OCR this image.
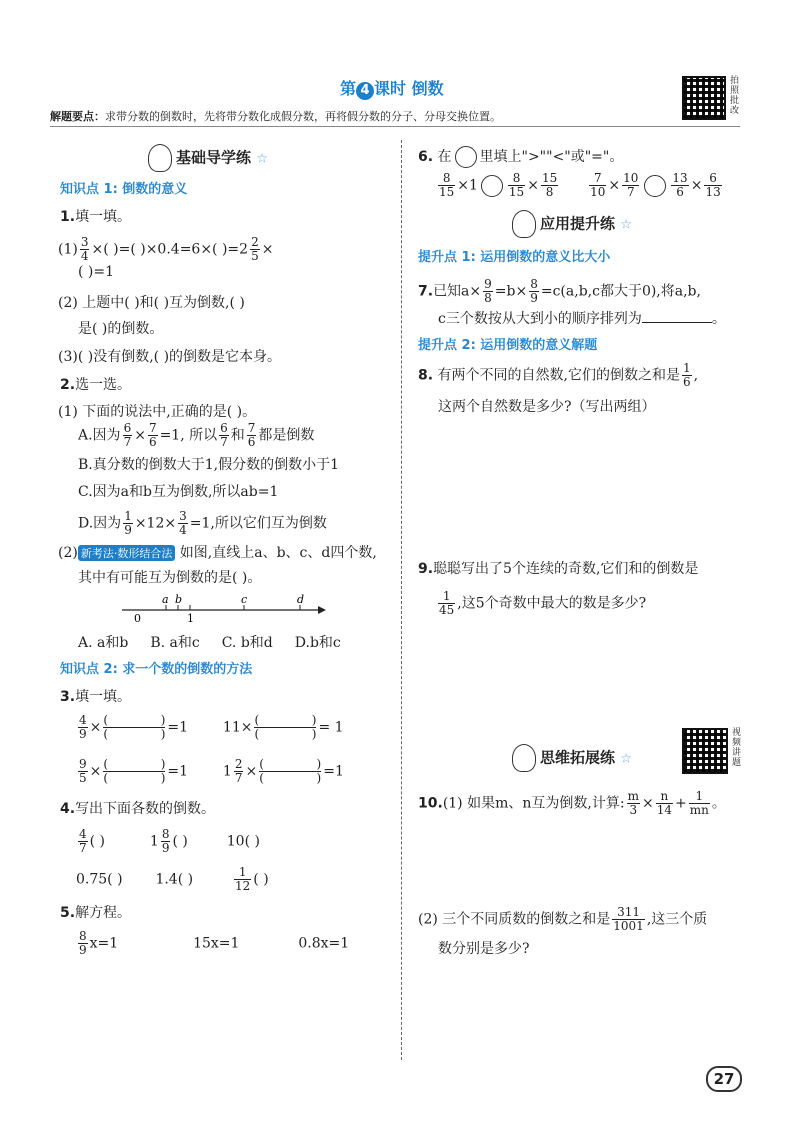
第 4 课时 倒数	拍照批改
解题要点：求带分数的倒数时，先将带分数化成假分数，再将假分数的分子、分母交换位置。
基础导学练 ☆
知识点 1: 倒数的意义
1.填一填。
$(1) \frac{3}{4}$ ×( )=( )×0.4=6×( )$=2 \frac{2}{5}$ ×
( )=1
(2) 上题中( )和( )互为倒数,( )
是( )的倒数。
(3)( )没有倒数,( )的倒数是它本身。
2.选一选。
(1) 下面的说法中,正确的是( )。
A.因为 $\frac{6}{7} \times \frac{7}{6} =1$, 所以 $\frac{6}{7}$ 和 $\frac{7}{6}$ 都是倒数
B.真分数的倒数大于1,假分数的倒数小于1
C.因为a和b互为倒数,所以ab=1
D.因为 $\frac{1}{9} \times 12\times \frac{3}{4} =1$,所以它们互为倒数
(2) 新考法·数形结合法 如图,直线上a、b、c、d四个数,
其中有可能互为倒数的是( )。
a b	c	d
0	1
A. a和b B. a和c C. b和d D.b和c
知识点 2: 求一个数的倒数的方法
3.填一填。
$\frac{4}{9}$ × ( ) ( )	=1 11× ( ) ( )	= 1
$\frac{9}{5}$ × ( ) ( )	=1 $1 \frac{2}{7}$ × ( ) ( )	=1
4.写出下面各数的倒数。
$\frac{4}{7}$ ( )	$1 \frac{8}{9}$ ( )	10( )
0.75( ) 1.4( )	$\frac{1}{12}$ ( )
5.解方程。
$\frac{8}{9} x=1$	15x=1	0.8x=1
6. 在 里填上">""<"或"="。
$\frac{8}{15} \times 1$	$\frac{8}{15} \times \frac{15}{8}$
	$\frac{7}{10} \times \frac{10}{7}$	$\frac{13}{6} \times \frac{6}{13}$
应用提升练 ☆
提升点 1: 运用倒数的意义比大小
7.已知$a\times \frac{9}{8} =b\times \frac{8}{9} =c(a,b,c$都大于0),将a,b,
c三个数按从大到小的顺序排列为	。
提升点 2: 运用倒数的意义解题
8. 有两个不同的自然数,它们的倒数之和是 $\frac{1}{6}$ ,
这两个自然数是多少?（写出两组）
9.聪聪写出了5个连续的奇数,它们和的倒数是
$\frac{1}{45}$ ,这5个奇数中最大的数是多少?
视频讲题
思维拓展练 ☆
10.(1) 如果m、n互为倒数,计算: $\frac{m}{3} \times \frac{n}{14} + \frac{1}{mn}$ 。
(2) 三个不同质数的倒数之和是 $\frac{311}{1001}$ ,这三个质
数分别是多少?
27
